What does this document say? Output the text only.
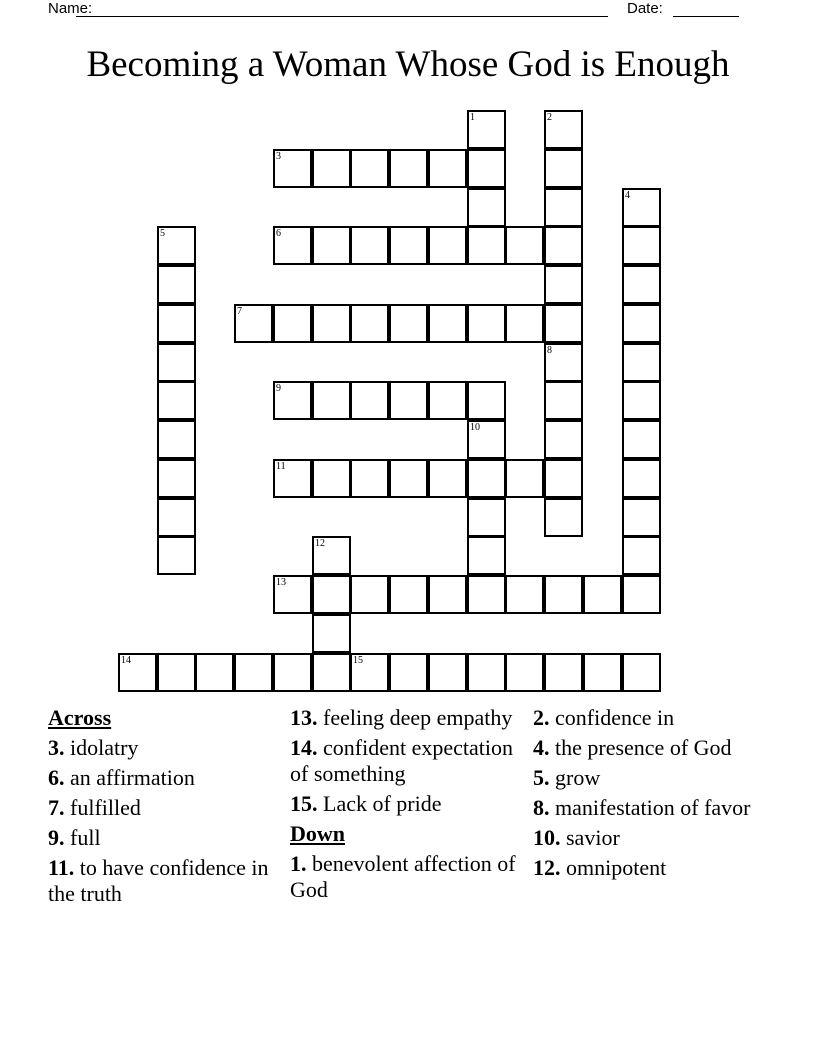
Name:	Date:
Becoming a Woman Whose God is Enough
1	2
3
4
5	6
7
8
9
10
11
12
13
14	15
Across
3. idolatry
6. an affirmation
7. fulfilled
9. full
11. to have confidence in the truth
13. feeling deep empathy
14. confident expectation of something
15. Lack of pride
Down
1. benevolent affection of God
2. confidence in
4. the presence of God
5. grow
8. manifestation of favor
10. savior
12. omnipotent
